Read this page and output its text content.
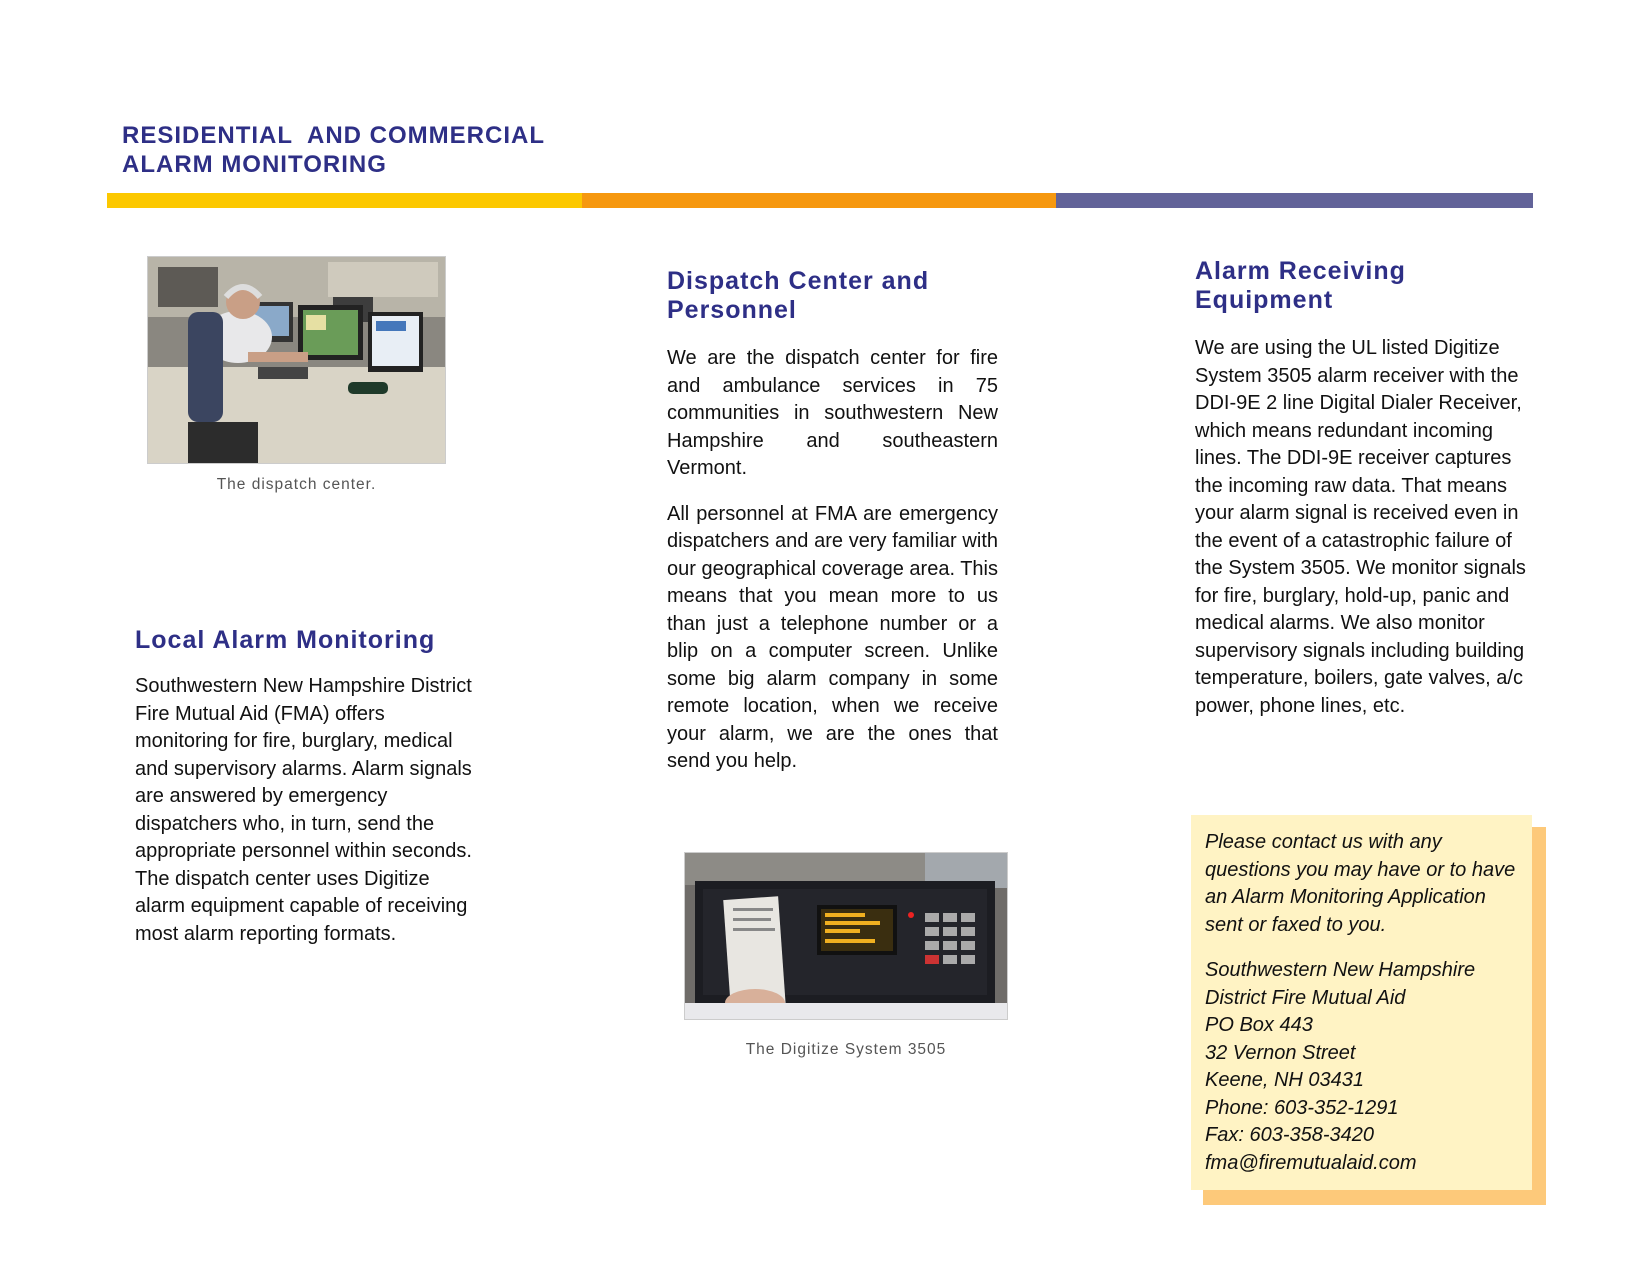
RESIDENTIAL  AND COMMERCIAL
ALARM MONITORING
The dispatch center.
Local Alarm Monitoring
Southwestern New Hampshire District Fire Mutual Aid (FMA) offers monitoring for fire, burglary, medical and supervisory alarms. Alarm signals are answered by emergency dispatchers who, in turn, send the appropriate personnel within seconds. The dispatch center uses Digitize alarm equipment capable of receiving most alarm reporting formats.
Dispatch Center and Personnel

We are the dispatch center for fire and ambulance services in 75 communities in southwestern New Hampshire and southeastern Vermont.

All personnel at FMA are emergency dispatchers and are very familiar with our geographical coverage area. This means that you mean more to us than just a telephone number or a blip on a computer screen. Unlike some big alarm company in some remote location, when we receive your alarm, we are the ones that send you help.

The Digitize System 3505
Alarm Receiving Equipment
We are using the UL listed Digitize System 3505 alarm receiver with the DDI-9E 2 line Digital Dialer Receiver, which means redundant incoming lines. The DDI-9E receiver captures the incoming raw data. That means your alarm signal is received even in the event of a catastrophic failure of the System 3505. We monitor signals for fire, burglary, hold-up, panic and medical alarms. We also monitor supervisory signals including building temperature, boilers, gate valves, a/c power, phone lines, etc.

Please contact us with any questions you may have or to have an Alarm Monitoring Application sent or faxed to you.

Southwestern New Hampshire
District Fire Mutual Aid
PO Box 443
32 Vernon Street
Keene, NH 03431
Phone: 603-352-1291
Fax: 603-358-3420
fma@firemutualaid.com
